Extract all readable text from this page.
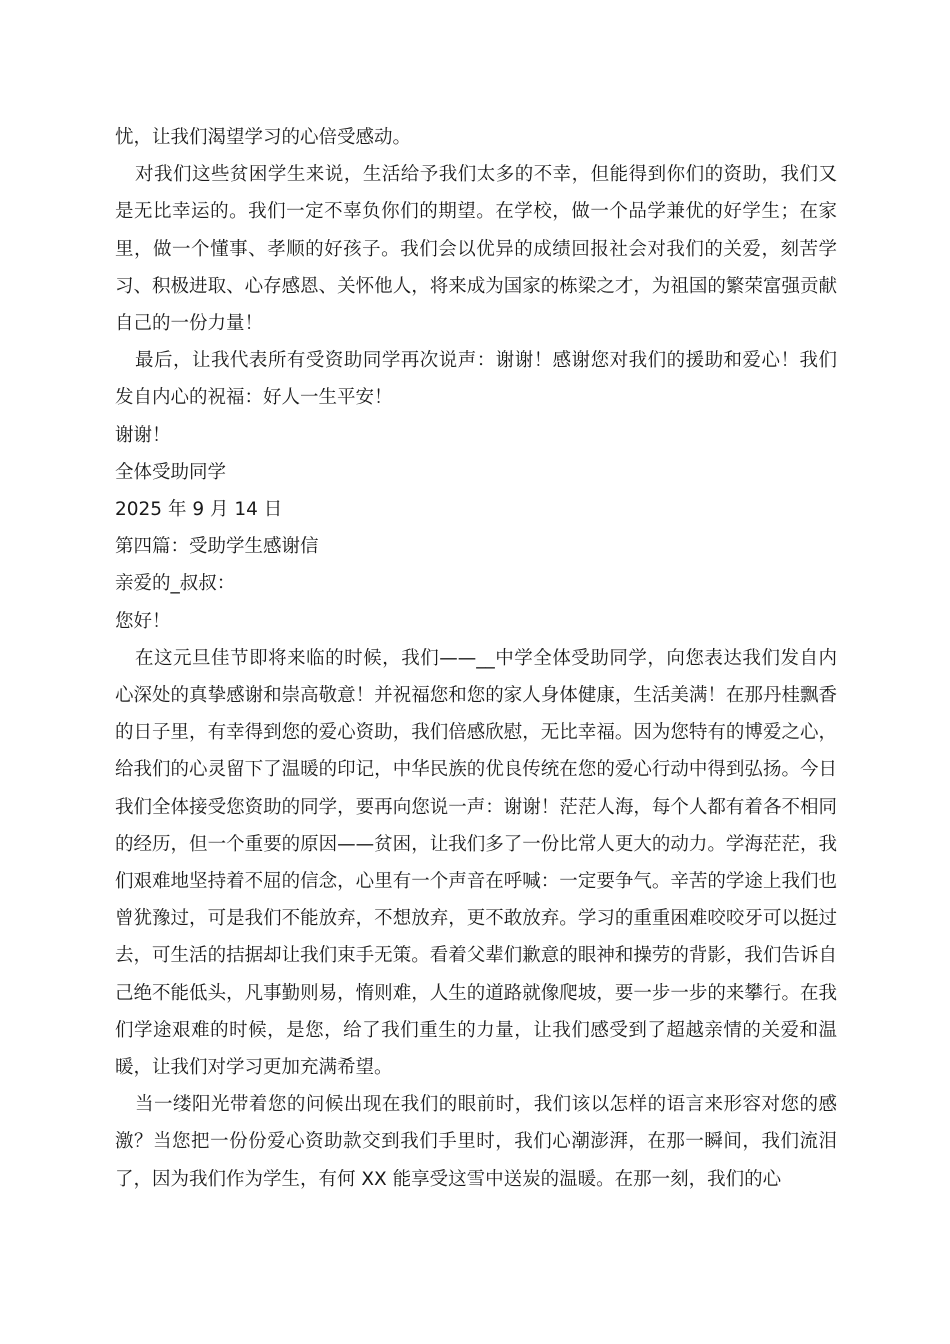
忧，让我们渴望学习的心倍受感动。

对我们这些贫困学生来说，生活给予我们太多的不幸，但能得到你们的资助，我们又是无比幸运的。我们一定不辜负你们的期望。在学校，做一个品学兼优的好学生；在家里，做一个懂事、孝顺的好孩子。我们会以优异的成绩回报社会对我们的关爱，刻苦学习、积极进取、心存感恩、关怀他人，将来成为国家的栋梁之才，为祖国的繁荣富强贡献自己的一份力量！

最后，让我代表所有受资助同学再次说声：谢谢！感谢您对我们的援助和爱心！我们发自内心的祝福：好人一生平安！

谢谢！

全体受助同学

2025 年 9 月 14 日

第四篇：受助学生感谢信

亲爱的_叔叔：

您好！

在这元旦佳节即将来临的时候，我们——__中学全体受助同学，向您表达我们发自内心深处的真挚感谢和崇高敬意！并祝福您和您的家人身体健康，生活美满！在那丹桂飘香的日子里，有幸得到您的爱心资助，我们倍感欣慰，无比幸福。因为您特有的博爱之心，给我们的心灵留下了温暖的印记，中华民族的优良传统在您的爱心行动中得到弘扬。今日我们全体接受您资助的同学，要再向您说一声：谢谢！茫茫人海，每个人都有着各不相同的经历，但一个重要的原因——贫困，让我们多了一份比常人更大的动力。学海茫茫，我们艰难地坚持着不屈的信念，心里有一个声音在呼喊：一定要争气。辛苦的学途上我们也曾犹豫过，可是我们不能放弃，不想放弃，更不敢放弃。学习的重重困难咬咬牙可以挺过去，可生活的拮据却让我们束手无策。看着父辈们歉意的眼神和操劳的背影，我们告诉自己绝不能低头，凡事勤则易，惰则难，人生的道路就像爬坡，要一步一步的来攀行。在我们学途艰难的时候，是您，给了我们重生的力量，让我们感受到了超越亲情的关爱和温暖，让我们对学习更加充满希望。

当一缕阳光带着您的问候出现在我们的眼前时，我们该以怎样的语言来形容对您的感激？当您把一份份爱心资助款交到我们手里时，我们心潮澎湃，在那一瞬间，我们流泪了，因为我们作为学生，有何 XX 能享受这雪中送炭的温暖。在那一刻，我们的心
